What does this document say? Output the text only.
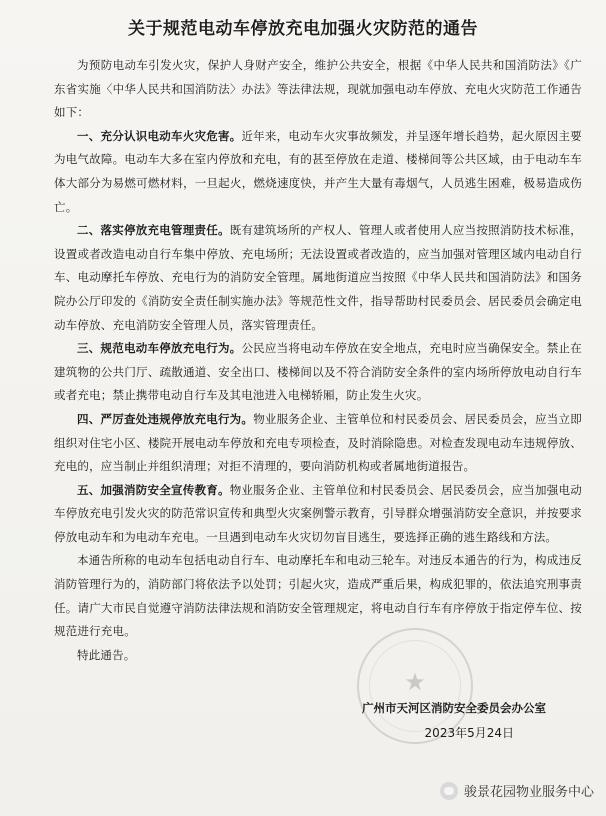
关于规范电动车停放充电加强火灾防范的通告

为预防电动车引发火灾，保护人身财产安全，维护公共安全，根据《中华人民共和国消防法》《广东省实施〈中华人民共和国消防法〉办法》等法律法规，现就加强电动车停放、充电火灾防范工作通告如下：

一、充分认识电动车火灾危害。近年来，电动车火灾事故频发，并呈逐年增长趋势，起火原因主要为电气故障。电动车大多在室内停放和充电，有的甚至停放在走道、楼梯间等公共区域，由于电动车车体大部分为易燃可燃材料，一旦起火，燃烧速度快，并产生大量有毒烟气，人员逃生困难，极易造成伤亡。

二、落实停放充电管理责任。既有建筑场所的产权人、管理人或者使用人应当按照消防技术标准，设置或者改造电动自行车集中停放、充电场所；无法设置或者改造的，应当加强对管理区域内电动自行车、电动摩托车停放、充电行为的消防安全管理。属地街道应当按照《中华人民共和国消防法》和国务院办公厅印发的《消防安全责任制实施办法》等规范性文件，指导帮助村民委员会、居民委员会确定电动车停放、充电消防安全管理人员，落实管理责任。

三、规范电动车停放充电行为。公民应当将电动车停放在安全地点，充电时应当确保安全。禁止在建筑物的公共门厅、疏散通道、安全出口、楼梯间以及不符合消防安全条件的室内场所停放电动自行车或者充电；禁止携带电动自行车及其电池进入电梯轿厢，防止发生火灾。

四、严厉查处违规停放充电行为。物业服务企业、主管单位和村民委员会、居民委员会，应当立即组织对住宅小区、楼院开展电动车停放和充电专项检查，及时消除隐患。对检查发现电动车违规停放、充电的，应当制止并组织清理；对拒不清理的，要向消防机构或者属地街道报告。

五、加强消防安全宣传教育。物业服务企业、主管单位和村民委员会、居民委员会，应当加强电动车停放充电引发火灾的防范常识宣传和典型火灾案例警示教育，引导群众增强消防安全意识，并按要求停放电动车和为电动车充电。一旦遇到电动车火灾切勿盲目逃生，要选择正确的逃生路线和方法。

本通告所称的电动车包括电动自行车、电动摩托车和电动三轮车。对违反本通告的行为，构成违反消防管理行为的，消防部门将依法予以处罚；引起火灾，造成严重后果，构成犯罪的，依法追究刑事责任。请广大市民自觉遵守消防法律法规和消防安全管理规定，将电动自行车有序停放于指定停车位、按规范进行充电。

特此通告。

★
广州市天河区消防安全委员会办公室
2023年5月24日
骏景花园物业服务中心
